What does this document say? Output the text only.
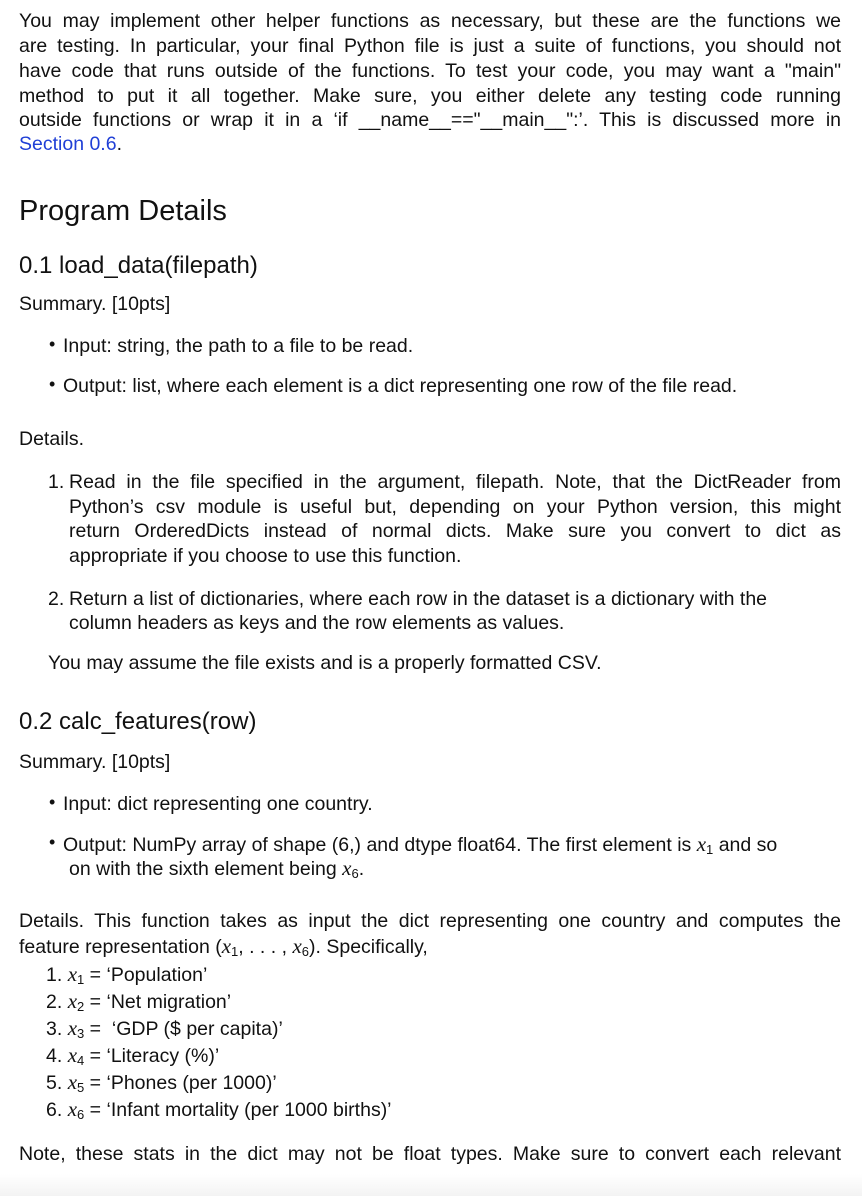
You may implement other helper functions as necessary, but these are the functions we
are testing. In particular, your final Python file is just a suite of functions, you should not
have code that runs outside of the functions. To test your code, you may want a "main"
method to put it all together. Make sure, you either delete any testing code running
outside functions or wrap it in a ‘if __name__=="__main__":’. This is discussed more in
Section 0.6.
Program Details
0.1 load_data(filepath)
Summary. [10pts]
• Input: string, the path to a file to be read.
• Output: list, where each element is a dict representing one row of the file read.
Details.
1. Read in the file specified in the argument, filepath. Note, that the DictReader from
Python’s csv module is useful but, depending on your Python version, this might
return OrderedDicts instead of normal dicts. Make sure you convert to dict as
appropriate if you choose to use this function.
2. Return a list of dictionaries, where each row in the dataset is a dictionary with the
column headers as keys and the row elements as values.
You may assume the file exists and is a properly formatted CSV.
0.2 calc_features(row)
Summary. [10pts]
• Input: dict representing one country.
• Output: NumPy array of shape (6,) and dtype float64. The first element is $x_1$ and so
on with the sixth element being $x_6$.
Details. This function takes as input the dict representing one country and computes the
feature representation ($x_1$, . . . , $x_6$). Specifically,
1. $x_1$ = ‘Population’
2. $x_2$ = ‘Net migration’
3. $x_3$ =  ‘GDP ($ per capita)’
4. $x_4$ = ‘Literacy (%)’
5. $x_5$ = ‘Phones (per 1000)’
6. $x_6$ = ‘Infant mortality (per 1000 births)’
Note, these stats in the dict may not be float types. Make sure to convert each relevant
